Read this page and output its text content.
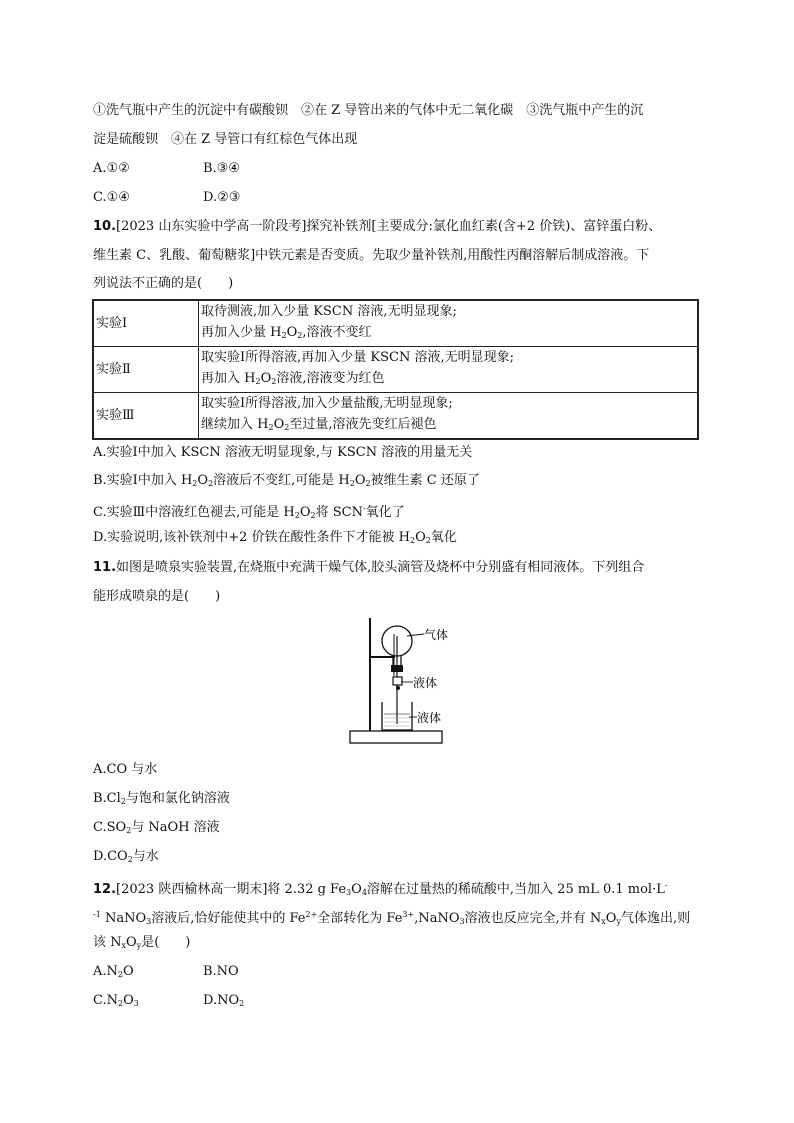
①洗气瓶中产生的沉淀中有碳酸钡　②在 Z 导管出来的气体中无二氧化碳　③洗气瓶中产生的沉
淀是硫酸钡　④在 Z 导管口有红棕色气体出现
A.①②	B.③④
C.①④	D.②③
10.[2023 山东实验中学高一阶段考]探究补铁剂[主要成分:氯化血红素(含+2 价铁)、富锌蛋白粉、
维生素 C、乳酸、葡萄糖浆]中铁元素是否变质。先取少量补铁剂,用酸性丙酮溶解后制成溶液。下
列说法不正确的是(　　)
实验Ⅰ	取待测液,加入少量 KSCN 溶液,无明显现象;
再加入少量 $H_2O_2$,溶液不变红

实验Ⅱ	取实验Ⅰ所得溶液,再加入少量 KSCN 溶液,无明显现象;
再加入 $H_2O_2$溶液,溶液变为红色

实验Ⅲ	取实验Ⅰ所得溶液,加入少量盐酸,无明显现象;
继续加入 $H_2O_2$至过量,溶液先变红后褪色
A.实验Ⅰ中加入 KSCN 溶液无明显现象,与 KSCN 溶液的用量无关
B.实验Ⅰ中加入 $H_2O_2$溶液后不变红,可能是 $H_2O_2$被维生素 C 还原了
C.实验Ⅲ中溶液红色褪去,可能是 $H_2O_2$将 SCN-氧化了
D.实验说明,该补铁剂中+2 价铁在酸性条件下才能被 $H_2O_2$氧化
11.如图是喷泉实验装置,在烧瓶中充满干燥气体,胶头滴管及烧杯中分别盛有相同液体。下列组合
能形成喷泉的是(　　)
气体
液体
液体
A.CO 与水
$B.Cl_2$与饱和氯化钠溶液
$C.SO_2$与 NaOH 溶液
$D.CO_2$与水
12.[2023 陕西榆林高一期末]将 2.32 g $Fe_3O_4$溶解在过量热的稀硫酸中,当加入 25 mL 0.1 mol·L-
$^{-1}$ NaNO$_3$溶液后,恰好能使其中的 $Fe^{2+}$全部转化为 $Fe^{3+},NaNO_3$溶液也反应完全,并有 $N_xO_y$气体逸出,则
该 $N_xO_y$是(　　)
$A.N_2O$	B.NO
$C.N_2O_3$	$D.NO_2$
